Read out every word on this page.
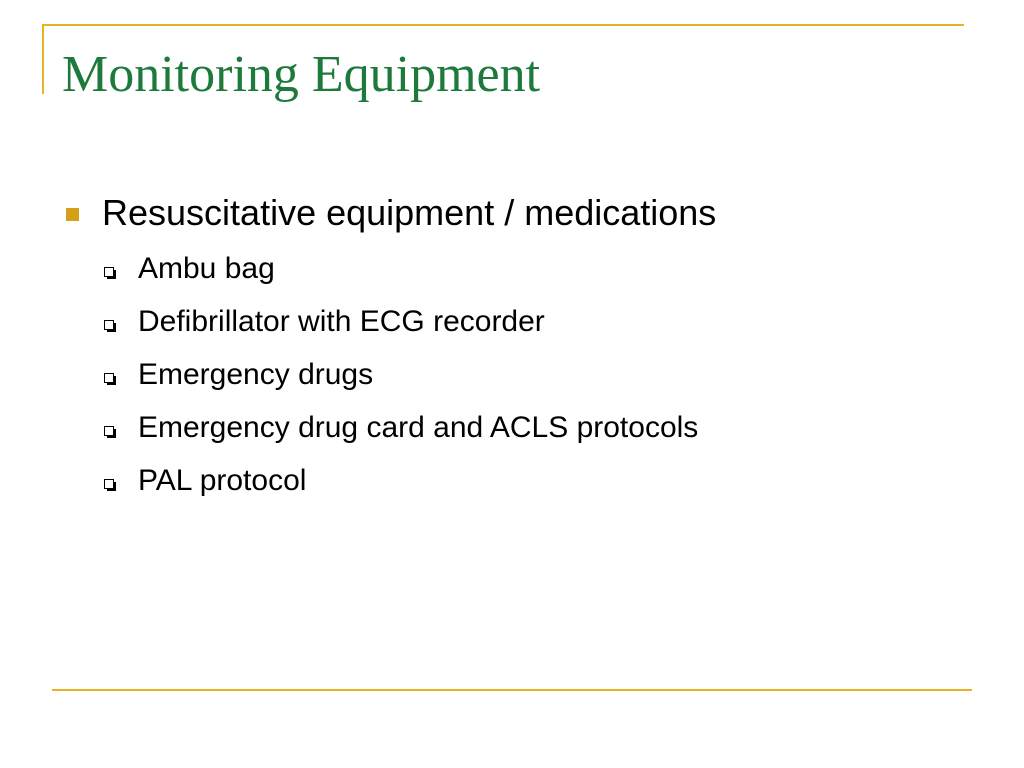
Monitoring Equipment
Resuscitative equipment / medications
Ambu bag
Defibrillator with ECG recorder
Emergency drugs
Emergency drug card and ACLS protocols
PAL protocol
